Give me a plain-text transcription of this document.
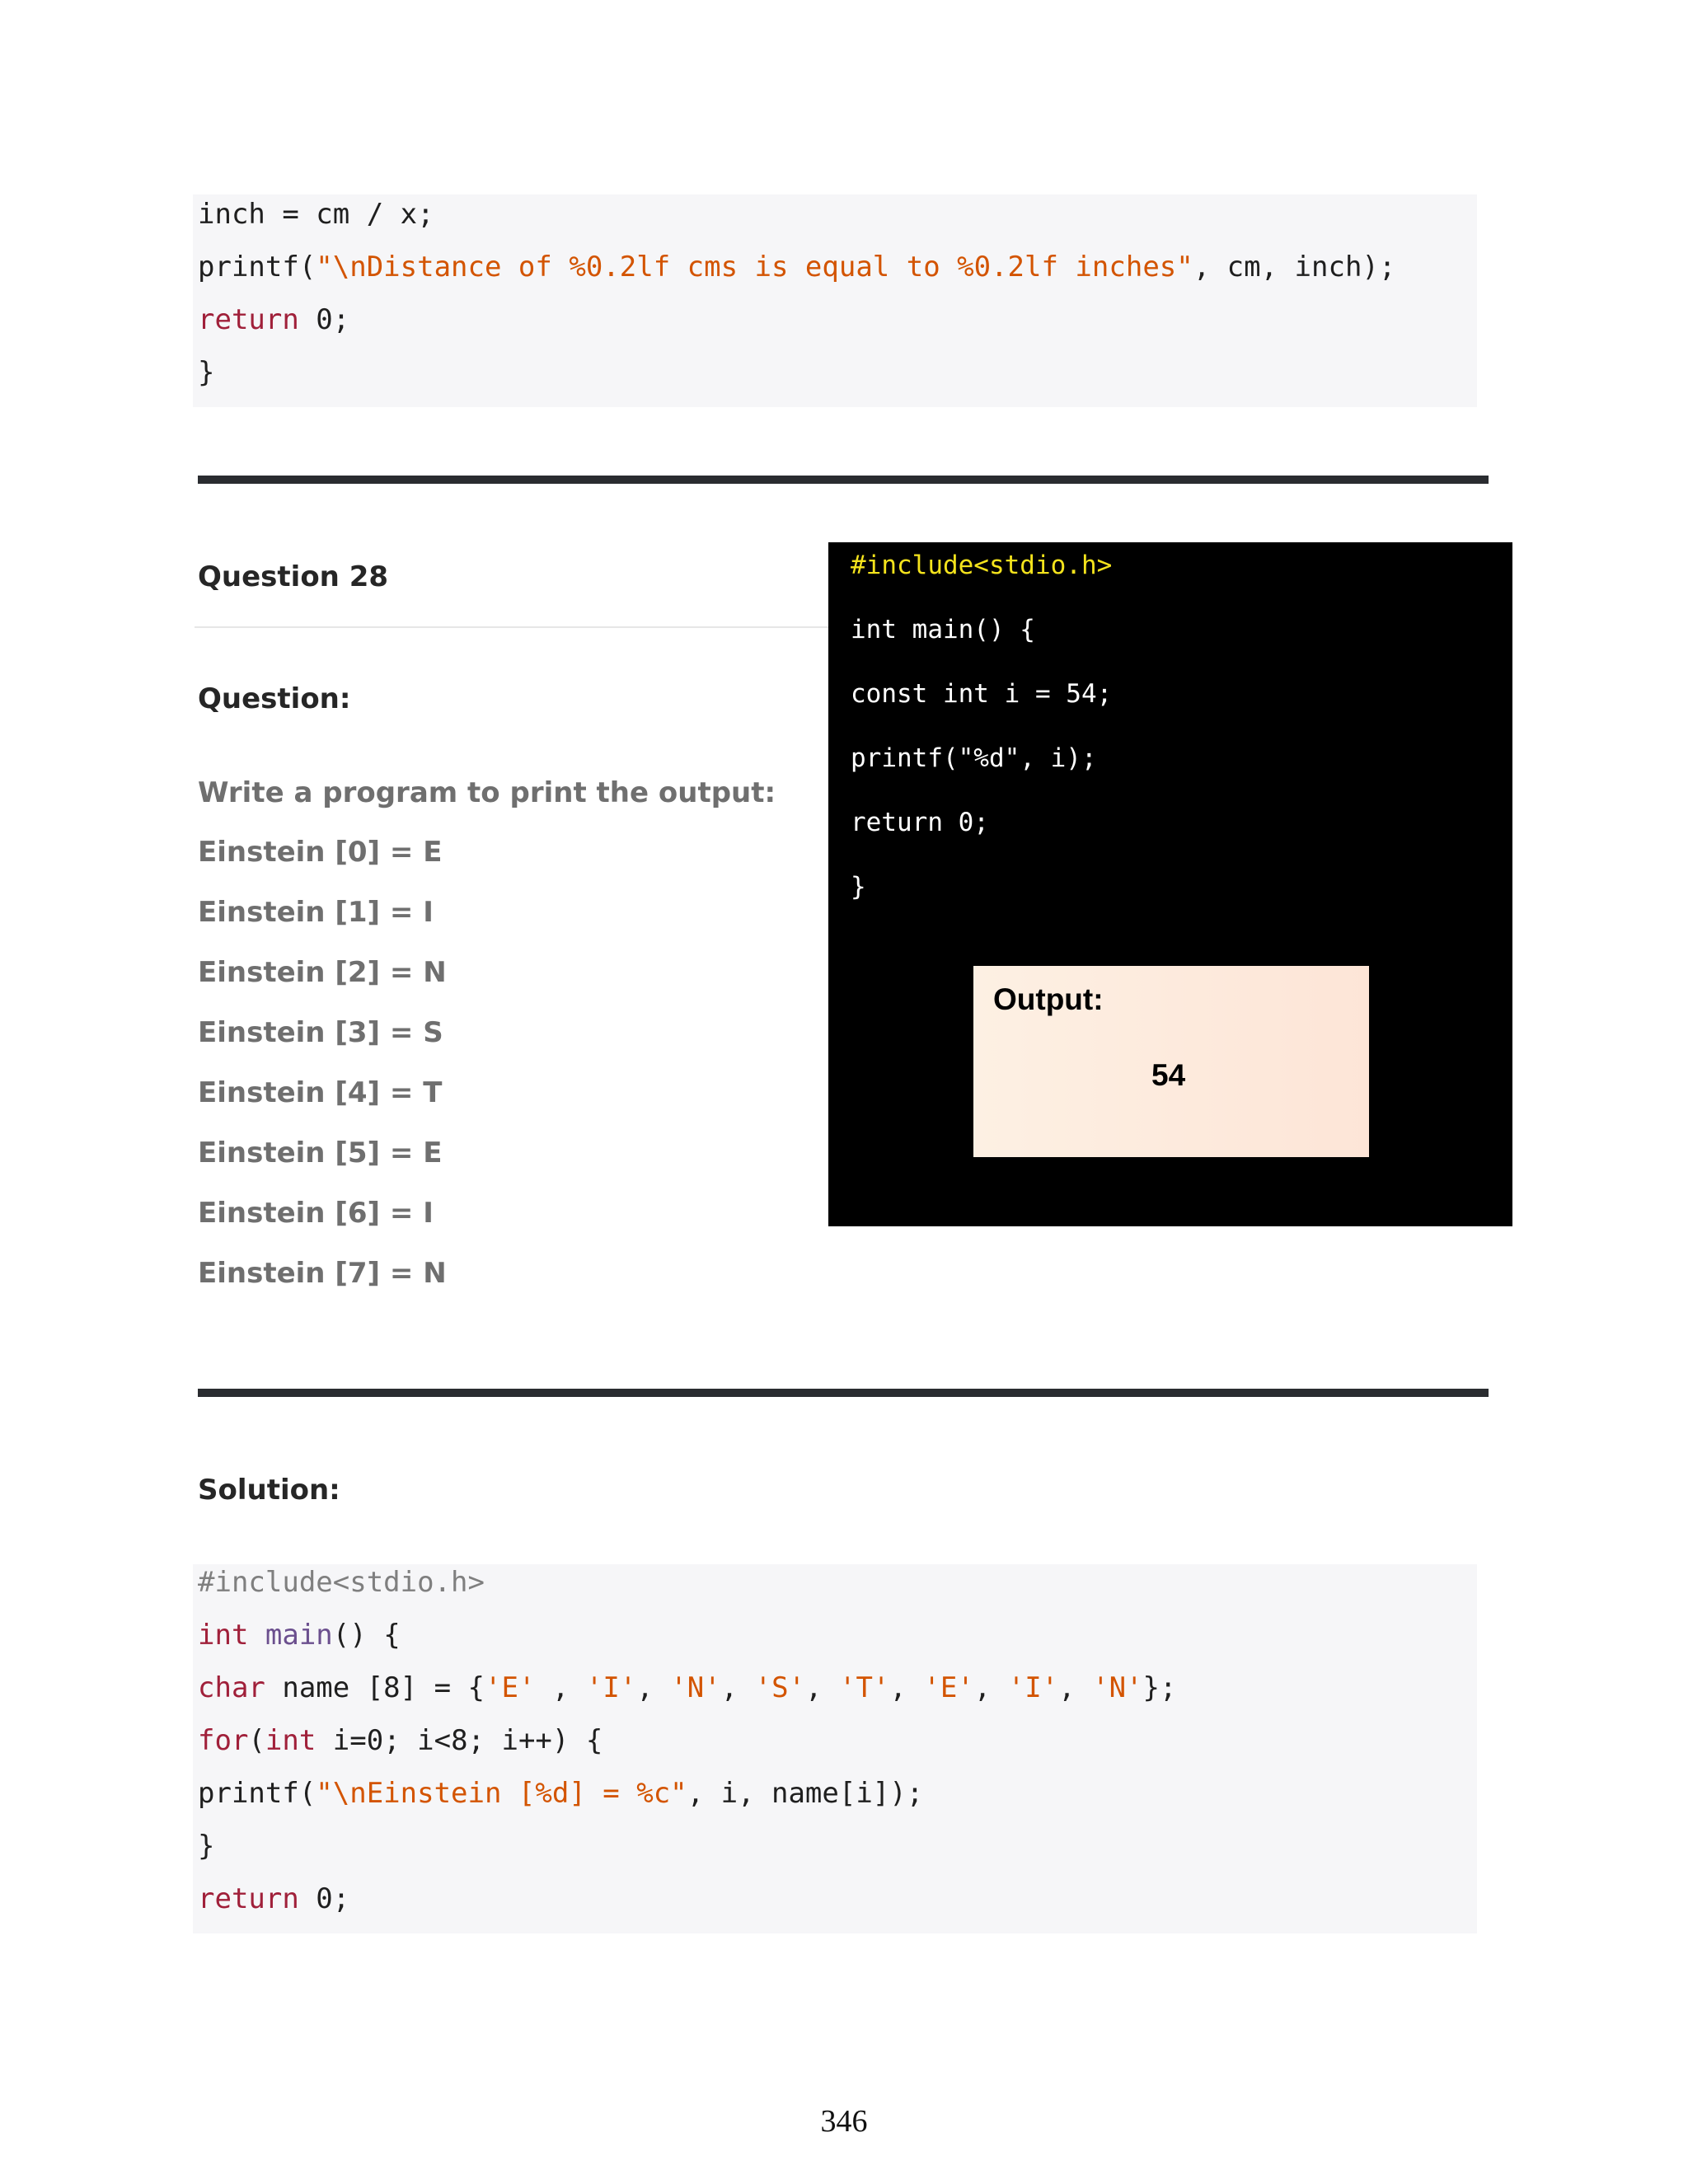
inch = cm / x;
printf("\nDistance of %0.2lf cms is equal to %0.2lf inches", cm, inch);
return 0;
}
Question 28
Question:
Write a program to print the output:
Einstein [0] = E
Einstein [1] = I
Einstein [2] = N
Einstein [3] = S
Einstein [4] = T
Einstein [5] = E
Einstein [6] = I
Einstein [7] = N
#include<stdio.h>
int main() {
const int i = 54;
printf("%d", i);
return 0;
}
Output:
54
Solution:
#include<stdio.h>
int main() {
char name [8] = {'E' , 'I', 'N', 'S', 'T', 'E', 'I', 'N'};
for(int i=0; i<8; i++) {
printf("\nEinstein [%d] = %c", i, name[i]);
}
return 0;
346
